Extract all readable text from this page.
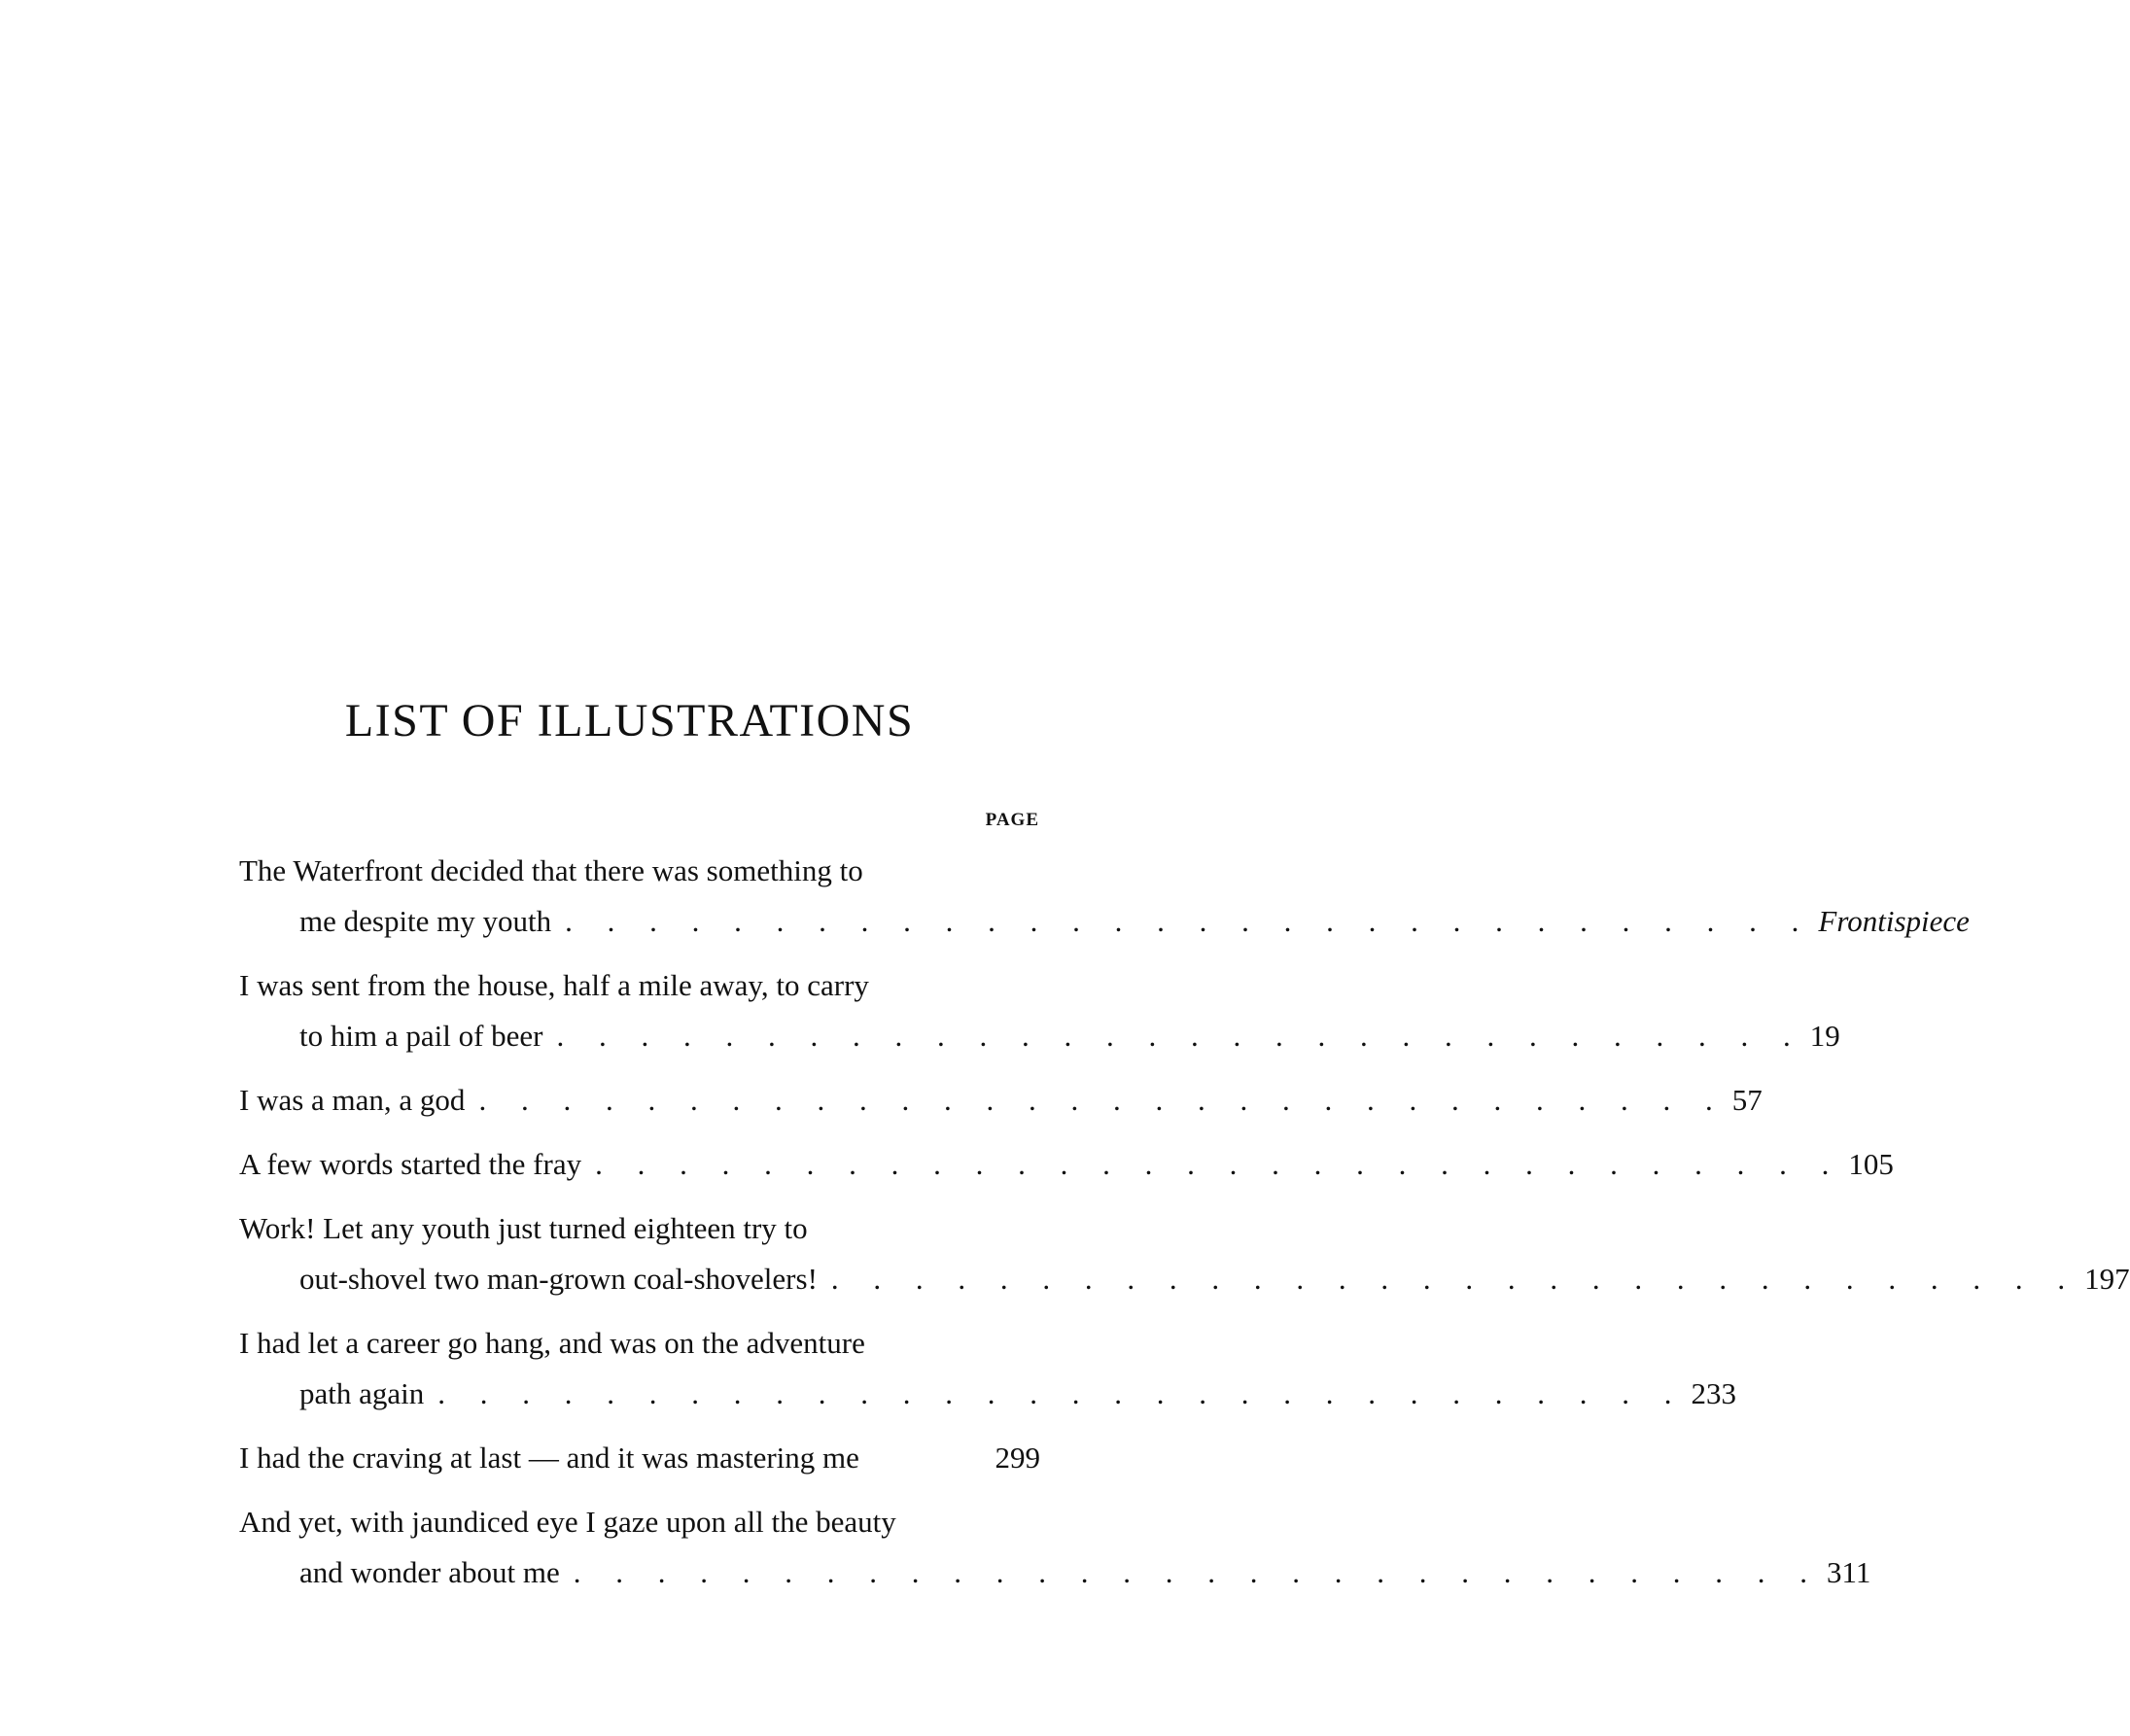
LIST OF ILLUSTRATIONS
PAGE
The Waterfront decided that there was something to
me despite my youth . . . . . . . . . . . . . . . . . . . . . . . . . . . . . . Frontispiece
I was sent from the house, half a mile away, to carry
to him a pail of beer . . . . . . . . . . . . . . . . . . . . . . . . . . . . . . 19
I was a man, a god . . . . . . . . . . . . . . . . . . . . . . . . . . . . . . 57
A few words started the fray . . . . . . . . . . . . . . . . . . . . . . . . . . . . . . 105
Work! Let any youth just turned eighteen try to
out-shovel two man-grown coal-shovelers! . . . . . . . . . . . . . . . . . . . . . . . . . . . . . . 197
I had let a career go hang, and was on the adventure
path again . . . . . . . . . . . . . . . . . . . . . . . . . . . . . . 233
I had the craving at last — and it was mastering me	299
And yet, with jaundiced eye I gaze upon all the beauty
and wonder about me . . . . . . . . . . . . . . . . . . . . . . . . . . . . . . 311
